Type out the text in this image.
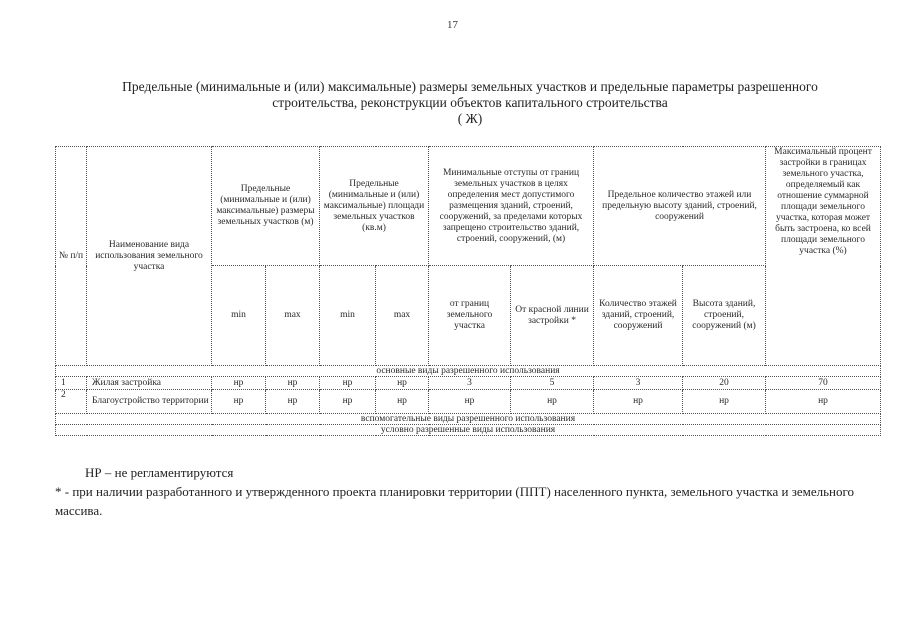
17
Предельные (минимальные и (или) максимальные) размеры земельных участков и предельные параметры разрешенного
строительства, реконструкции объектов капитального строительства
( Ж)
№ п/п	Наименование вида использования земельного участка	Предельные (минимальные и (или) максимальные) размеры земельных участков (м)		Предельные (минимальные и (или) максимальные) площади земельных участков (кв.м)		Минимальные отступы от границ земельных участков в целях определения мест допустимого размещения зданий, строений, сооружений, за пределами которых запрещено строительство зданий, строений, сооружений, (м)		Предельное количество этажей или предельную высоту зданий, строений, сооружений		Максимальный процент застройки в границах земельного участка, определяемый как отношение суммарной площади земельного участка, которая может быть застроена, ко всей площади земельного участка (%)
		min	max	min	max	от границ земельного участка	От красной линии застройки *	Количество этажей зданий, строений, сооружений	Высота зданий, строений, сооружений (м)	
основные виды разрешенного использования										
1	Жилая застройка	нр	нр	нр	нр	3	5	3	20	70
2	Благоустройство территории	нр	нр	нр	нр	нр	нр	нр	нр	нр
вспомогательные виды разрешенного использования										
условно разрешенные виды использования										
НР – не регламентируются
* - при наличии разработанного и утвержденного проекта планировки территории (ППТ) населенного пункта, земельного участка и земельного массива.
